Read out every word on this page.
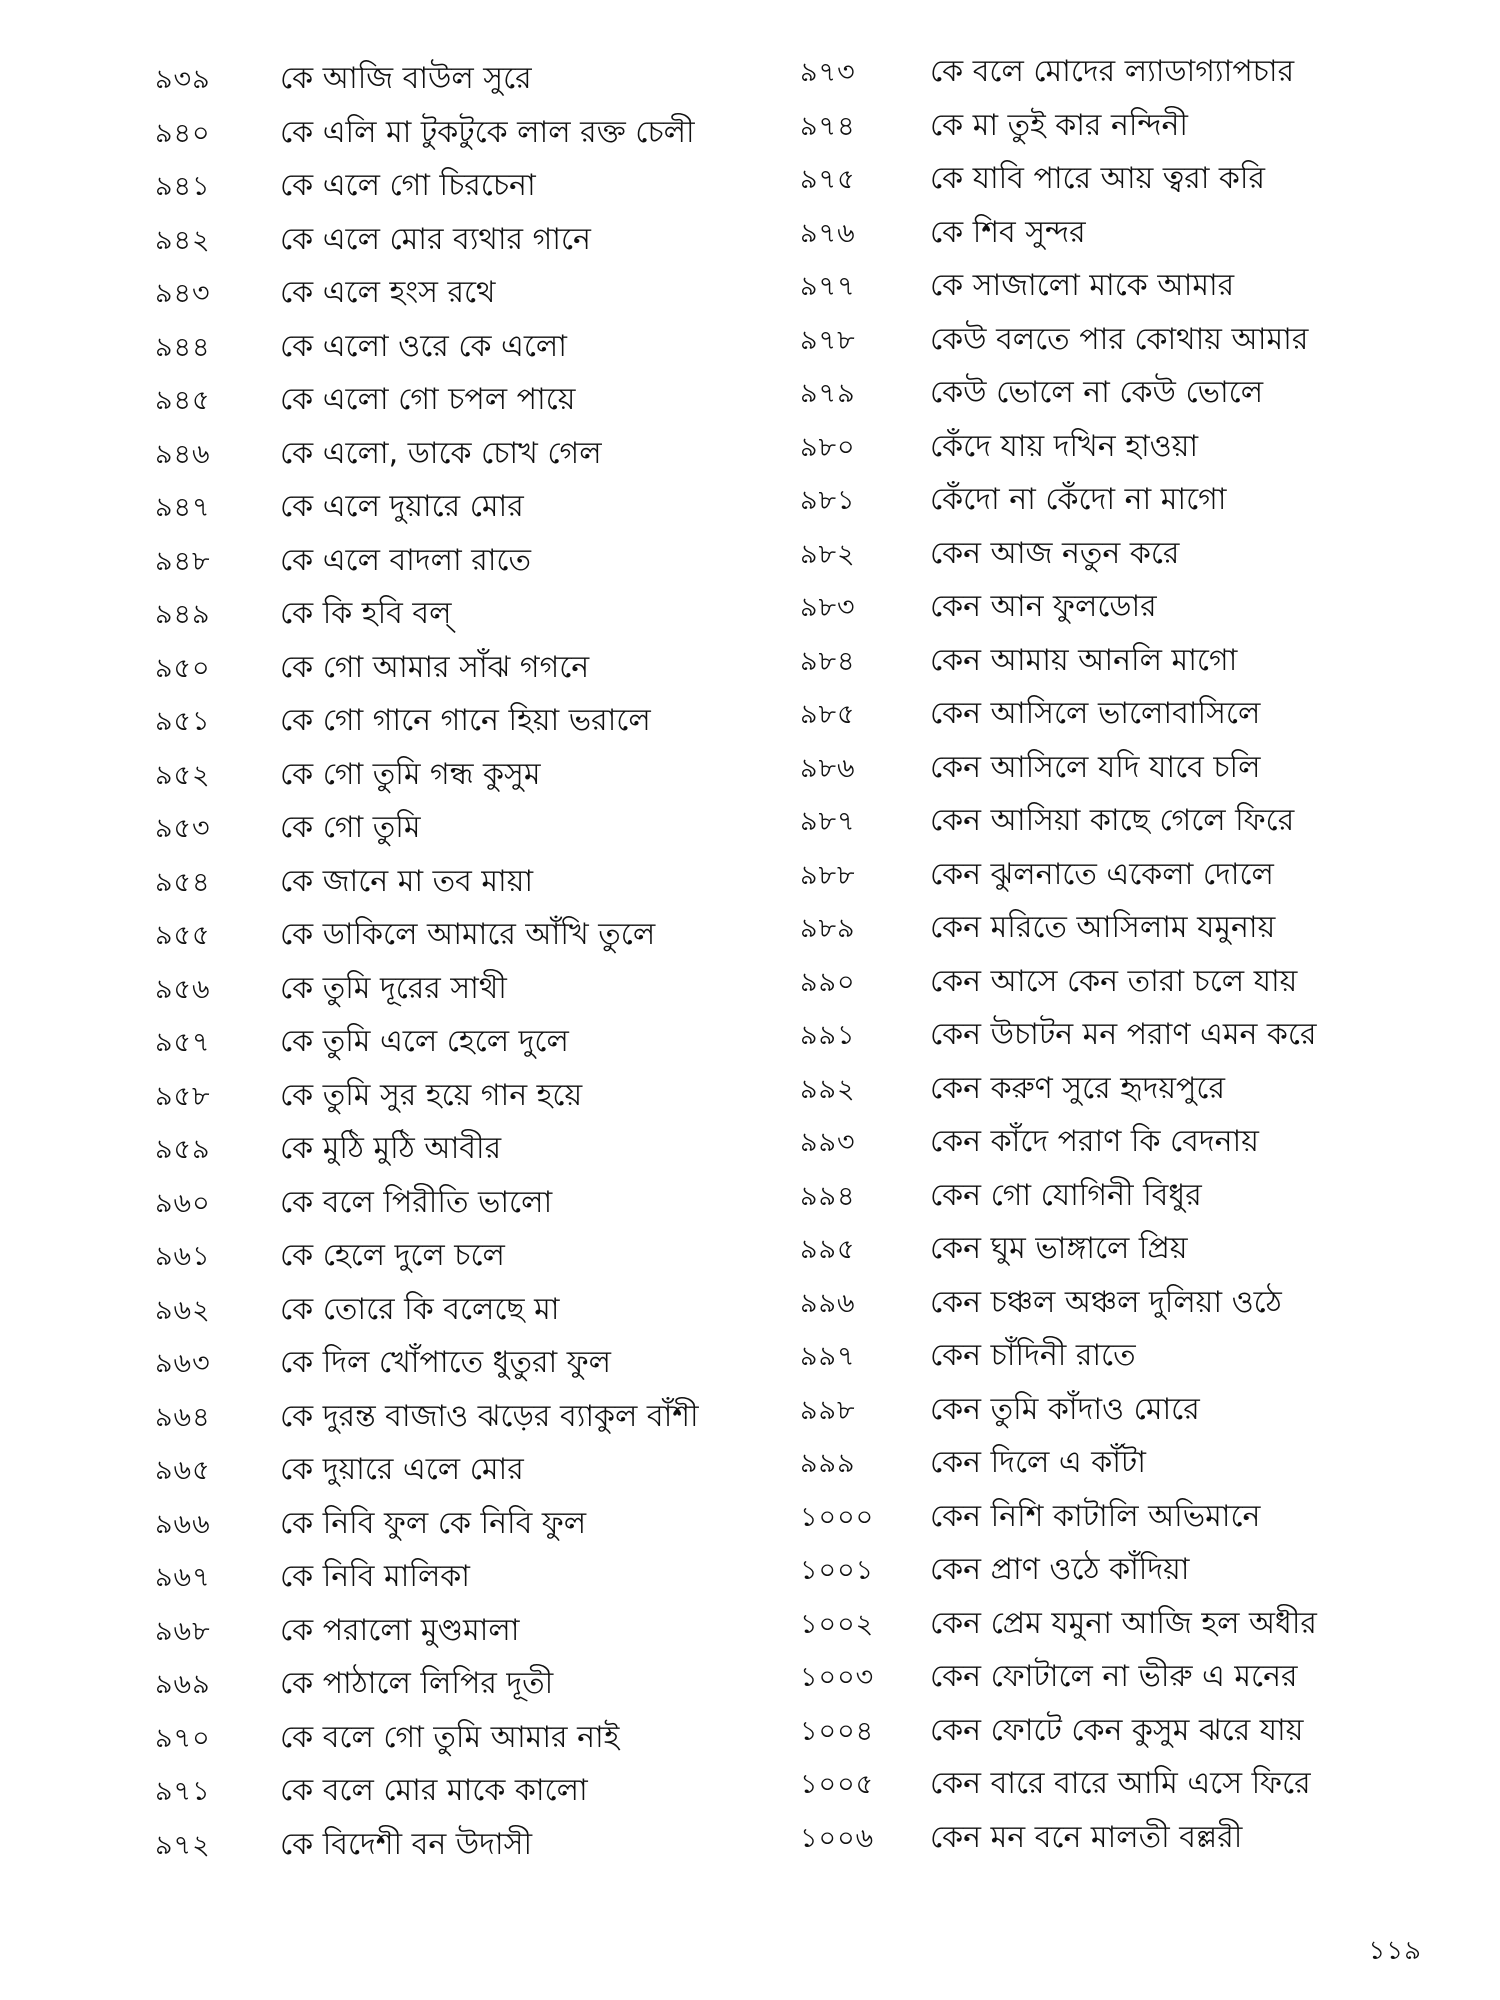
৯৩৯	কে আজি বাউল সুরে
৯৪০	কে এলি মা টুকটুকে লাল রক্ত চেলী
৯৪১	কে এলে গো চিরচেনা
৯৪২	কে এলে মোর ব্যথার গানে
৯৪৩	কে এলে হংস রথে
৯৪৪	কে এলো ওরে কে এলো
৯৪৫	কে এলো গো চপল পায়ে
৯৪৬	কে এলো, ডাকে চোখ গেল
৯৪৭	কে এলে দুয়ারে মোর
৯৪৮	কে এলে বাদলা রাতে
৯৪৯	কে কি হবি বল্‌
৯৫০	কে গো আমার সাঁঝ গগনে
৯৫১	কে গো গানে গানে হিয়া ভরালে
৯৫২	কে গো তুমি গন্ধ কুসুম
৯৫৩	কে গো তুমি
৯৫৪	কে জানে মা তব মায়া
৯৫৫	কে ডাকিলে আমারে আঁখি তুলে
৯৫৬	কে তুমি দূরের সাথী
৯৫৭	কে তুমি এলে হেলে দুলে
৯৫৮	কে তুমি সুর হয়ে গান হয়ে
৯৫৯	কে মুঠি মুঠি আবীর
৯৬০	কে বলে পিরীতি ভালো
৯৬১	কে হেলে দুলে চলে
৯৬২	কে তোরে কি বলেছে মা
৯৬৩	কে দিল খোঁপাতে ধুতুরা ফুল
৯৬৪	কে দুরন্ত বাজাও ঝড়ের ব্যাকুল বাঁশী
৯৬৫	কে দুয়ারে এলে মোর
৯৬৬	কে নিবি ফুল কে নিবি ফুল
৯৬৭	কে নিবি মালিকা
৯৬৮	কে পরালো মুণ্ডমালা
৯৬৯	কে পাঠালে লিপির দূতী
৯৭০	কে বলে গো তুমি আমার নাই
৯৭১	কে বলে মোর মাকে কালো
৯৭২	কে বিদেশী বন উদাসী
৯৭৩	কে বলে মোদের ল্যাডাগ্যাপচার
৯৭৪	কে মা তুই কার নন্দিনী
৯৭৫	কে যাবি পারে আয় ত্বরা করি
৯৭৬	কে শিব সুন্দর
৯৭৭	কে সাজালো মাকে আমার
৯৭৮	কেউ বলতে পার কোথায় আমার
৯৭৯	কেউ ভোলে না কেউ ভোলে
৯৮০	কেঁদে যায় দখিন হাওয়া
৯৮১	কেঁদো না কেঁদো না মাগো
৯৮২	কেন আজ নতুন করে
৯৮৩	কেন আন ফুলডোর
৯৮৪	কেন আমায় আনলি মাগো
৯৮৫	কেন আসিলে ভালোবাসিলে
৯৮৬	কেন আসিলে যদি যাবে চলি
৯৮৭	কেন আসিয়া কাছে গেলে ফিরে
৯৮৮	কেন ঝুলনাতে একেলা দোলে
৯৮৯	কেন মরিতে আসিলাম যমুনায়
৯৯০	কেন আসে কেন তারা চলে যায়
৯৯১	কেন উচাটন মন পরাণ এমন করে
৯৯২	কেন করুণ সুরে হৃদয়পুরে
৯৯৩	কেন কাঁদে পরাণ কি বেদনায়
৯৯৪	কেন গো যোগিনী বিধুর
৯৯৫	কেন ঘুম ভাঙ্গালে প্রিয়
৯৯৬	কেন চঞ্চল অঞ্চল দুলিয়া ওঠে
৯৯৭	কেন চাঁদিনী রাতে
৯৯৮	কেন তুমি কাঁদাও মোরে
৯৯৯	কেন দিলে এ কাঁটা
১০০০	কেন নিশি কাটালি অভিমানে
১০০১	কেন প্রাণ ওঠে কাঁদিয়া
১০০২	কেন প্রেম যমুনা আজি হল অধীর
১০০৩	কেন ফোটালে না ভীরু এ মনের
১০০৪	কেন ফোটে কেন কুসুম ঝরে যায়
১০০৫	কেন বারে বারে আমি এসে ফিরে
১০০৬	কেন মন বনে মালতী বল্লরী
১১৯
